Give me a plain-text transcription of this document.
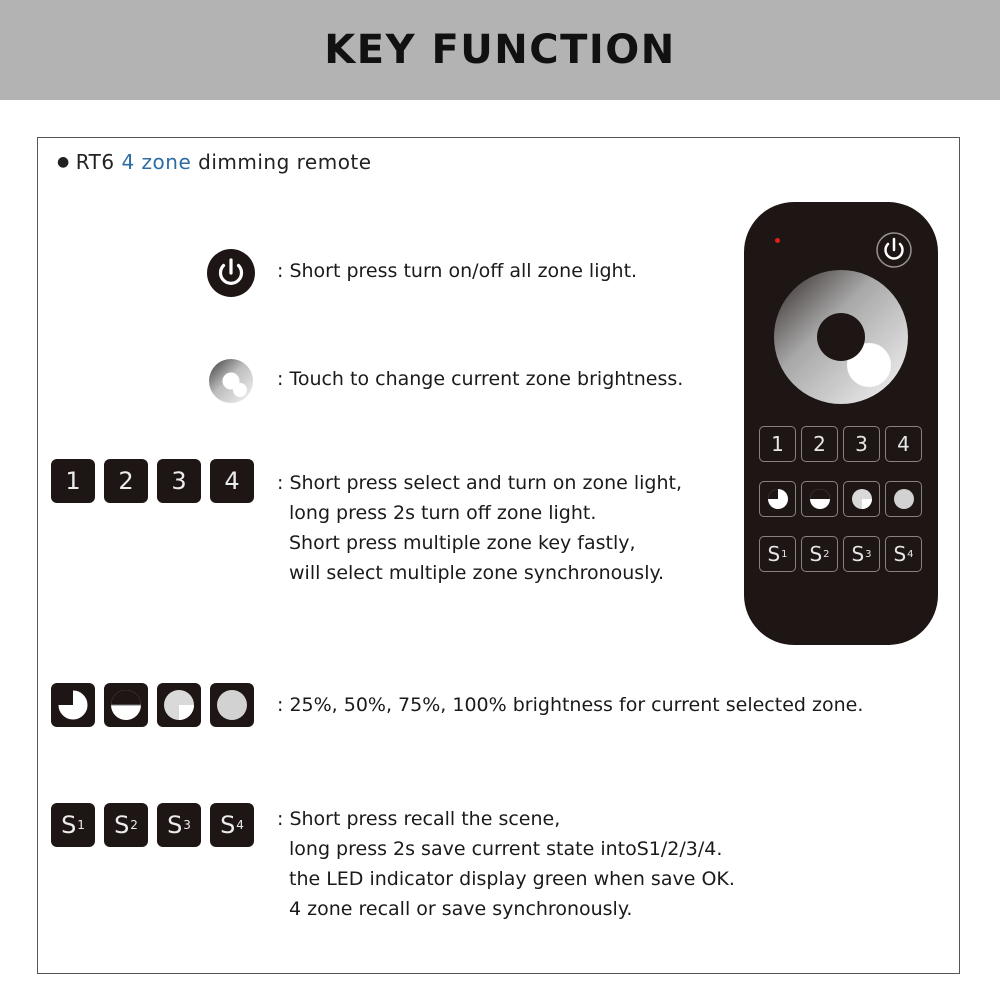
KEY FUNCTION
● RT6 4 zone dimming remote
: Short press turn on/off all zone light.
: Touch to change current zone brightness.
1	2	3	4	: Short press select and turn on zone light,
long press 2s turn off zone light.
Short press multiple zone key fastly,
will select multiple zone synchronously.
: 25%, 50%, 75%, 100% brightness for current selected zone.
S 1 S 2 S 3 S 4 : Short press recall the scene,
long press 2s save current state intoS1/2/3/4.
the LED indicator display green when save OK.
4 zone recall or save synchronously.
1	2	3	4
S 1 S 2 S 3 S 4
